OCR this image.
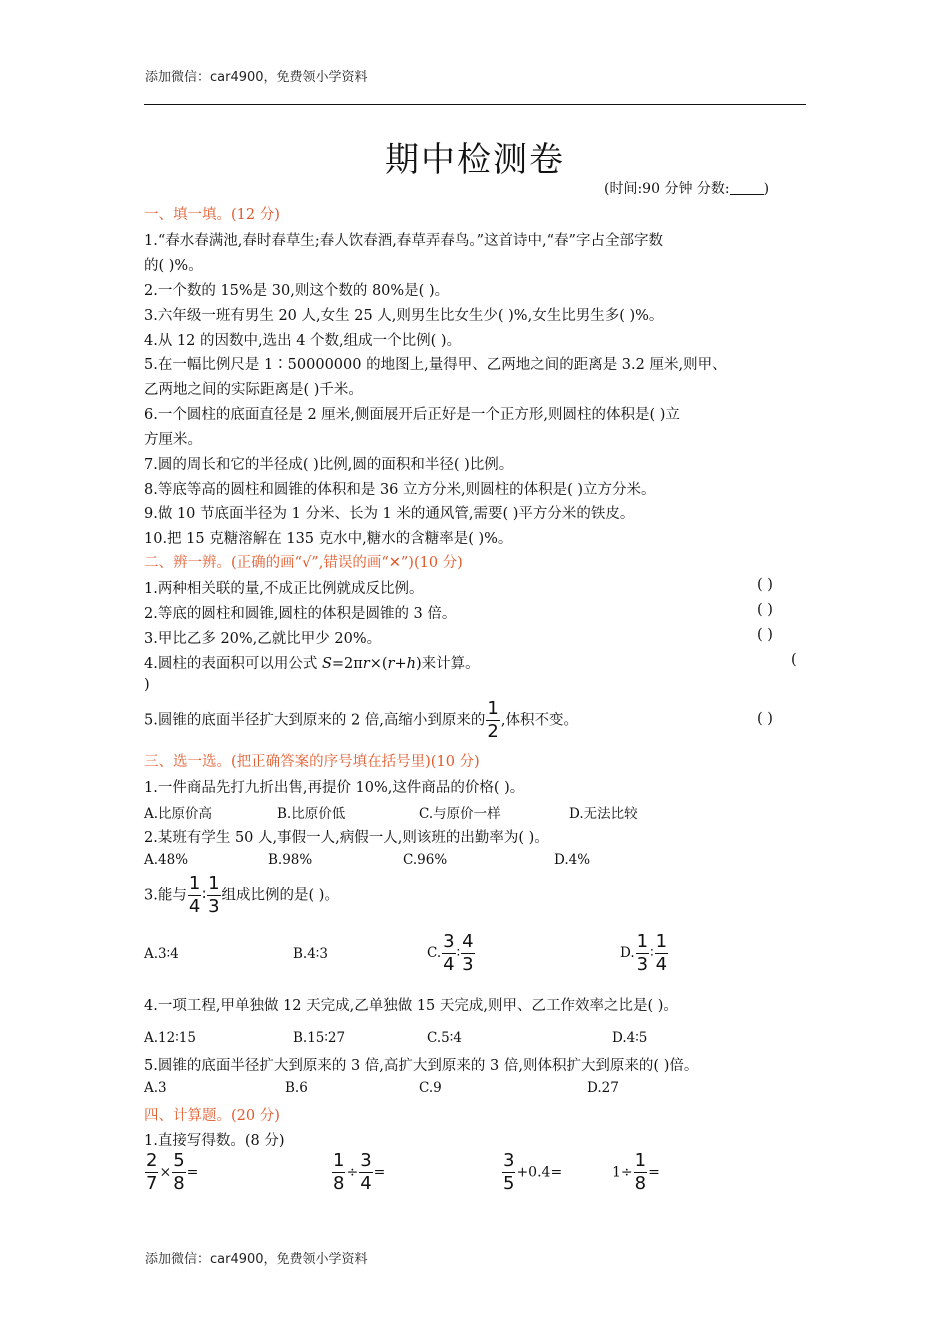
添加微信：car4900，免费领小学资料
期中检测卷
(时间:90 分钟 分数: )
一、填一填。(12 分)
1.“春水春满池,春时春草生;春人饮春酒,春草弄春鸟。”这首诗中,“春”字占全部字数
的( )%。
2.一个数的 15%是 30,则这个数的 80%是( )。
3.六年级一班有男生 20 人,女生 25 人,则男生比女生少( )%,女生比男生多( )%。
4.从 12 的因数中,选出 4 个数,组成一个比例( )。
5.在一幅比例尺是 1∶50000000 的地图上,量得甲、乙两地之间的距离是 3.2 厘米,则甲、
乙两地之间的实际距离是( )千米。
6.一个圆柱的底面直径是 2 厘米,侧面展开后正好是一个正方形,则圆柱的体积是( )立
方厘米。
7.圆的周长和它的半径成( )比例,圆的面积和半径( )比例。
8.等底等高的圆柱和圆锥的体积和是 36 立方分米,则圆柱的体积是( )立方分米。
9.做 10 节底面半径为 1 分米、长为 1 米的通风管,需要( )平方分米的铁皮。
10.把 15 克糖溶解在 135 克水中,糖水的含糖率是( )%。
二、辨一辨。(正确的画“√”,错误的画“✕”)(10 分)
1.两种相关联的量,不成正比例就成反比例。	( )
2.等底的圆柱和圆锥,圆柱的体积是圆锥的 3 倍。	( )
3.甲比乙多 20%,乙就比甲少 20%。	( )
4.圆柱的表面积可以用公式 S=2πr×(r+h)来计算。	(
)
5.圆锥的底面半径扩大到原来的 2 倍,高缩小到原来的 $\frac{1}{2}$ ,体积不变。	( )
三、选一选。(把正确答案的序号填在括号里)(10 分)
1.一件商品先打九折出售,再提价 10%,这件商品的价格( )。
A.比原价高	B.比原价低	C.与原价一样	D.无法比较
2.某班有学生 50 人,事假一人,病假一人,则该班的出勤率为( )。
A.48%	B.98%	C.96%	D.4%
3.能与 $\frac{1}{4}$ ∶ $\frac{1}{3}$ 组成比例的是( )。
A.3∶4	B.4∶3	C. $\frac{3}{4}$ ∶ $\frac{4}{3}$	D. $\frac{1}{3}$ ∶ $\frac{1}{4}$
4.一项工程,甲单独做 12 天完成,乙单独做 15 天完成,则甲、乙工作效率之比是( )。
A.12∶15	B.15∶27	C.5∶4	D.4∶5
5.圆锥的底面半径扩大到原来的 3 倍,高扩大到原来的 3 倍,则体积扩大到原来的( )倍。
A.3	B.6	C.9	D.27
四、计算题。(20 分)
1.直接写得数。(8 分)
$\frac{2}{7} \times \frac{5}{8}$ =	$\frac{1}{8} \div \frac{3}{4}$ =	$\frac{3}{5} +0.4=$	$1\div \frac{1}{8}$ =
添加微信：car4900，免费领小学资料
